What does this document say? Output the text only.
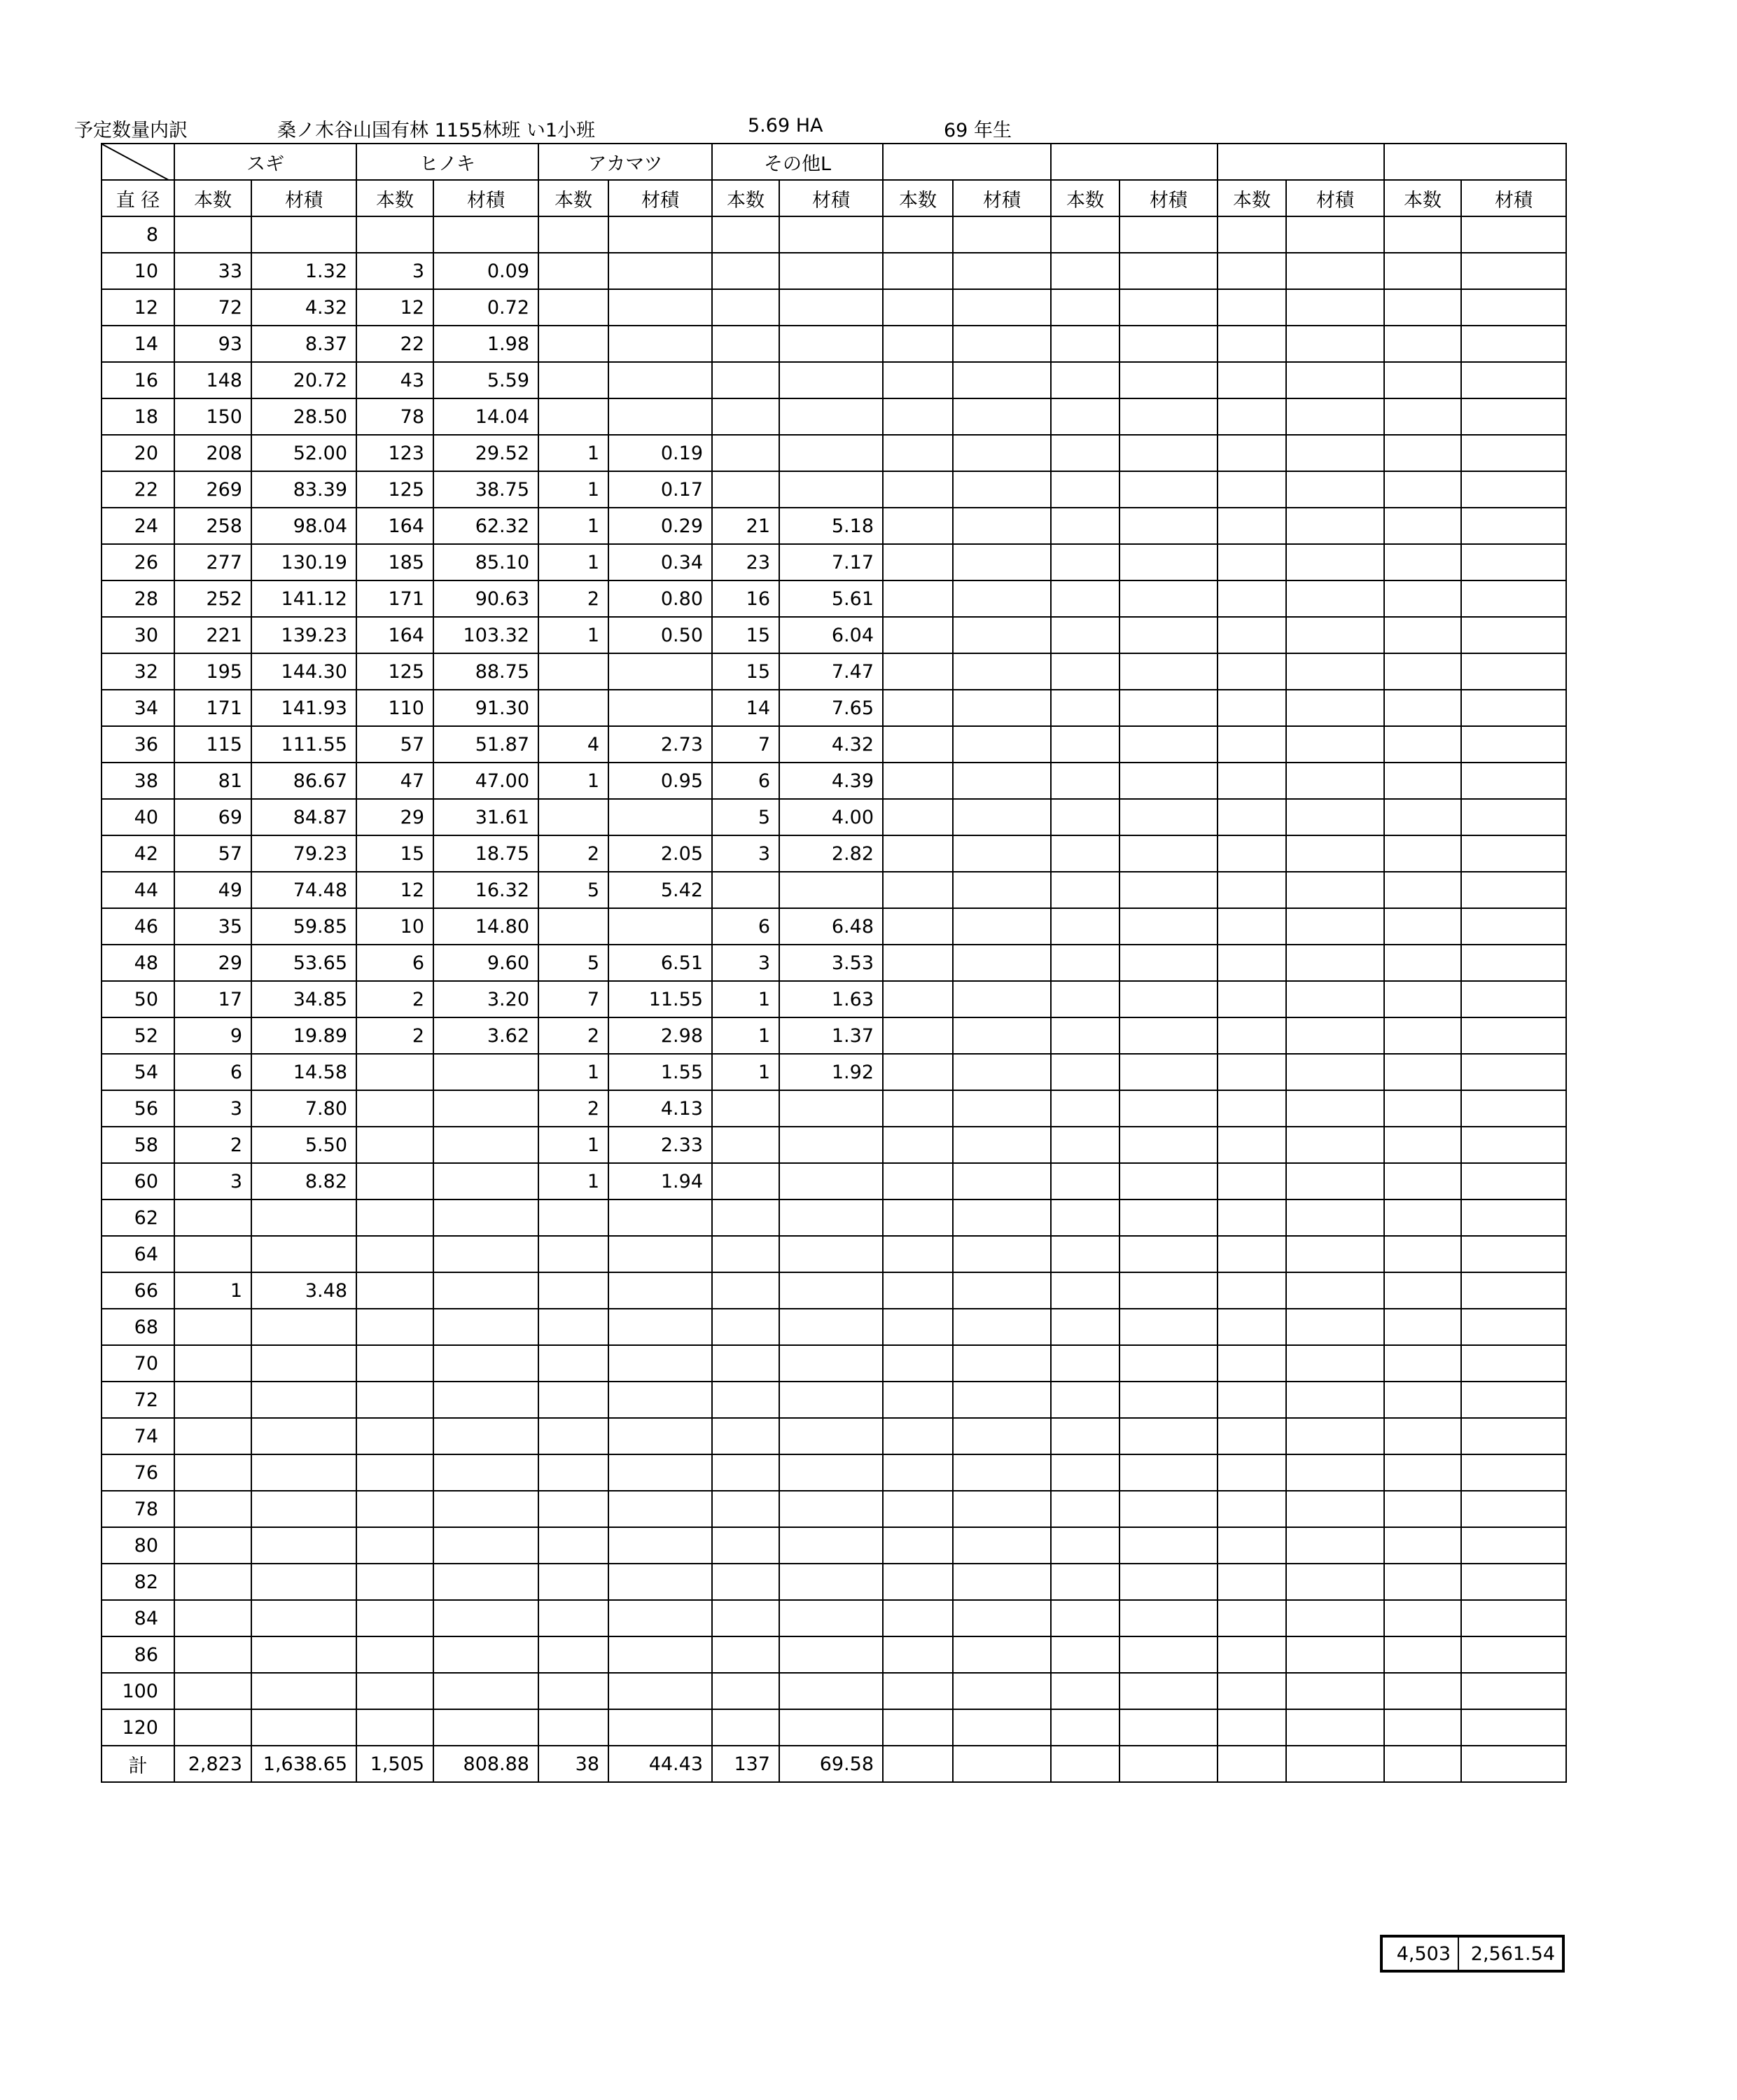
予定数量内訳	桑ノ木谷山国有林 1155林班 い1小班	5.69 HA	69 年生
	スギ		ヒノキ		アカマツ		その他L									
直 径	本数	材積	本数	材積	本数	材積	本数	材積	本数	材積	本数	材積	本数	材積	本数	材積
8																
10	33	1.32	3	0.09												
12	72	4.32	12	0.72												
14	93	8.37	22	1.98												
16	148	20.72	43	5.59												
18	150	28.50	78	14.04												
20	208	52.00	123	29.52	1	0.19										
22	269	83.39	125	38.75	1	0.17										
24	258	98.04	164	62.32	1	0.29	21	5.18								
26	277	130.19	185	85.10	1	0.34	23	7.17								
28	252	141.12	171	90.63	2	0.80	16	5.61								
30	221	139.23	164	103.32	1	0.50	15	6.04								
32	195	144.30	125	88.75			15	7.47								
34	171	141.93	110	91.30			14	7.65								
36	115	111.55	57	51.87	4	2.73	7	4.32								
38	81	86.67	47	47.00	1	0.95	6	4.39								
40	69	84.87	29	31.61			5	4.00								
42	57	79.23	15	18.75	2	2.05	3	2.82								
44	49	74.48	12	16.32	5	5.42										
46	35	59.85	10	14.80			6	6.48								
48	29	53.65	6	9.60	5	6.51	3	3.53								
50	17	34.85	2	3.20	7	11.55	1	1.63								
52	9	19.89	2	3.62	2	2.98	1	1.37								
54	6	14.58			1	1.55	1	1.92								
56	3	7.80			2	4.13										
58	2	5.50			1	2.33										
60	3	8.82			1	1.94										
62																
64																
66	1	3.48														
68																
70																
72																
74																
76																
78																
80																
82																
84																
86																
100																
120																
計	2,823	1,638.65	1,505	808.88	38	44.43	137	69.58								
4,503	2,561.54
